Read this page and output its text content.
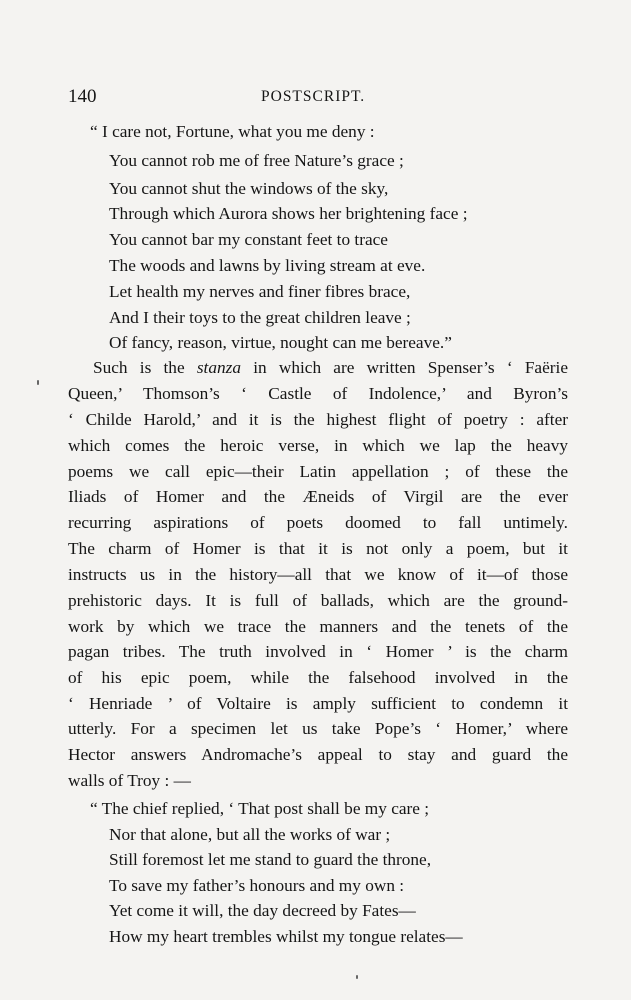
140	POSTSCRIPT.
“ I care not, Fortune, what you me deny :
You cannot rob me of free Nature’s grace ;
You cannot shut the windows of the sky,
Through which Aurora shows her brightening face ;
You cannot bar my constant feet to trace
The woods and lawns by living stream at eve.
Let health my nerves and finer fibres brace,
And I their toys to the great children leave ;
Of fancy, reason, virtue, nought can me bereave.”
Such is the stanza in which are written Spenser’s ‘ Faërie
Queen,’ Thomson’s ‘ Castle of Indolence,’ and Byron’s
‘ Childe Harold,’ and it is the highest flight of poetry : after
which comes the heroic verse, in which we lap the heavy
poems we call epic—their Latin appellation ; of these the
Iliads of Homer and the Æneids of Virgil are the ever
recurring aspirations of poets doomed to fall untimely.
The charm of Homer is that it is not only a poem, but it
instructs us in the history—all that we know of it—of those
prehistoric days. It is full of ballads, which are the ground-
work by which we trace the manners and the tenets of the
pagan tribes. The truth involved in ‘ Homer ’ is the charm
of his epic poem, while the falsehood involved in the
‘ Henriade ’ of Voltaire is amply sufficient to condemn it
utterly. For a specimen let us take Pope’s ‘ Homer,’ where
Hector answers Andromache’s appeal to stay and guard the
walls of Troy : —
“ The chief replied, ‘ That post shall be my care ;
Nor that alone, but all the works of war ;
Still foremost let me stand to guard the throne,
To save my father’s honours and my own :
Yet come it will, the day decreed by Fates—
How my heart trembles whilst my tongue relates—
